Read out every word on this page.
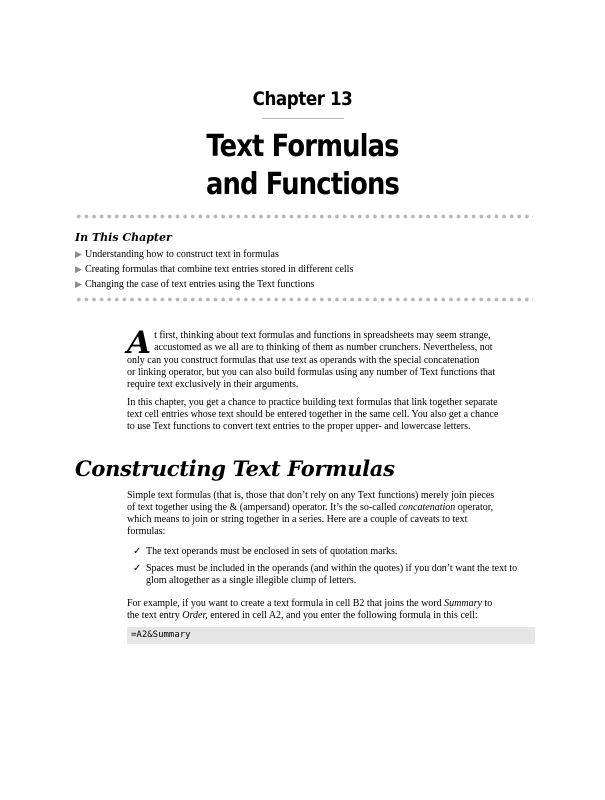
Chapter 13
Text Formulas
and Functions
In This Chapter
▶ Understanding how to construct text in formulas
▶ Creating formulas that combine text entries stored in different cells
▶ Changing the case of text entries using the Text functions
A t first, thinking about text formulas and functions in spreadsheets may seem strange,
accustomed as we all are to thinking of them as number crunchers. Nevertheless, not
only can you construct formulas that use text as operands with the special concatenation
or linking operator, but you can also build formulas using any number of Text functions that
require text exclusively in their arguments.
In this chapter, you get a chance to practice building text formulas that link together separate
text cell entries whose text should be entered together in the same cell. You also get a chance
to use Text functions to convert text entries to the proper upper- and lowercase letters.
Constructing Text Formulas
Simple text formulas (that is, those that don’t rely on any Text functions) merely join pieces
of text together using the & (ampersand) operator. It’s the so-called concatenation operator,
which means to join or string together in a series. Here are a couple of caveats to text
formulas:
✓ The text operands must be enclosed in sets of quotation marks.
✓ Spaces must be included in the operands (and within the quotes) if you don’t want the text to glom altogether as a single illegible clump of letters.
For example, if you want to create a text formula in cell B2 that joins the word Summary to
the text entry Order, entered in cell A2, and you enter the following formula in this cell:
=A2&Summary
